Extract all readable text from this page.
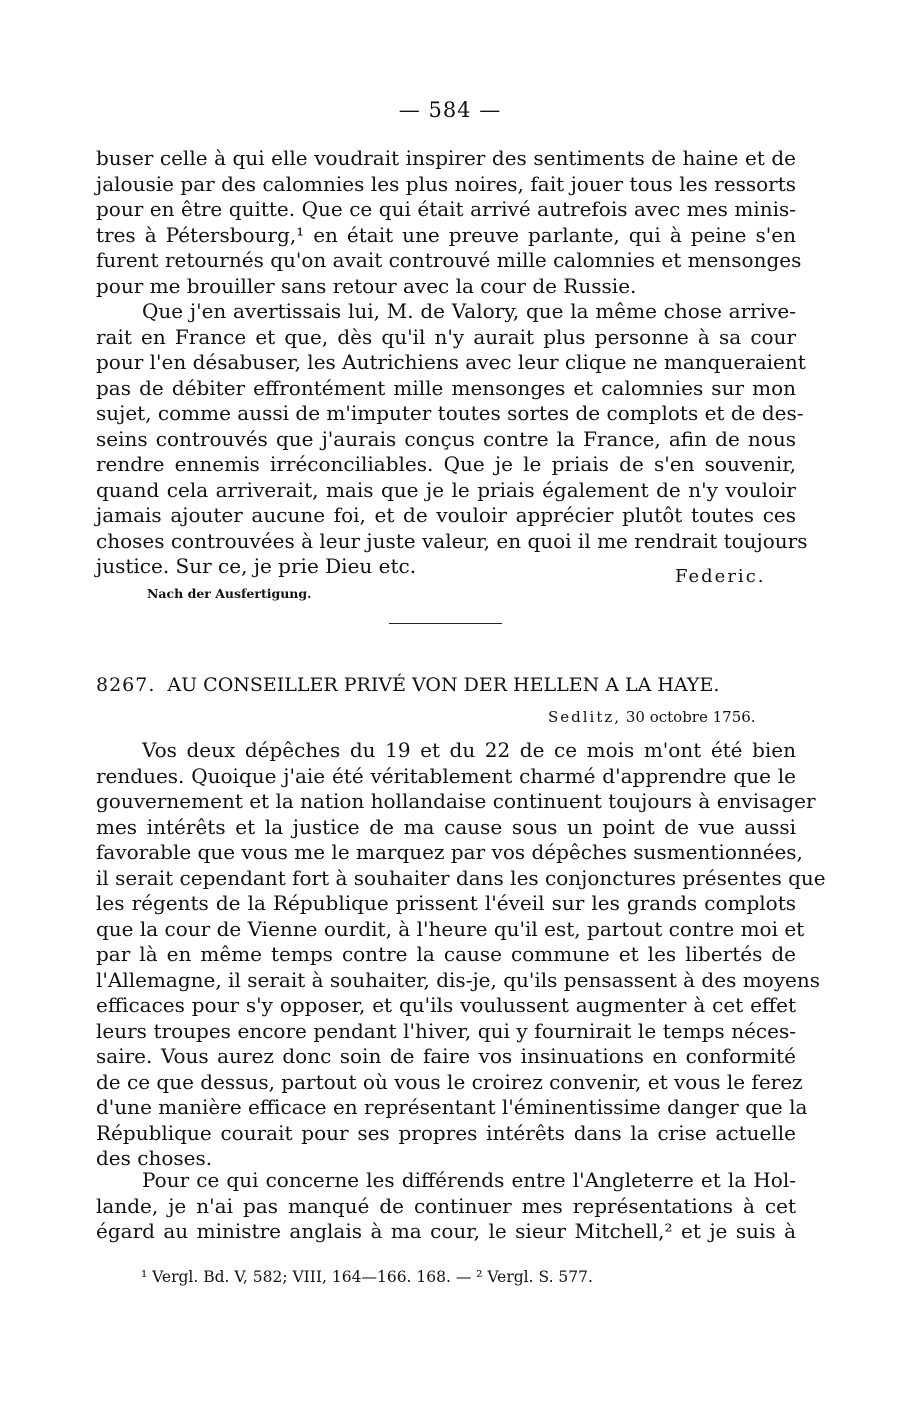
— 584 —
buser celle à qui elle voudrait inspirer des sentiments de haine et de
jalousie par des calomnies les plus noires, fait jouer tous les ressorts
pour en être quitte. Que ce qui était arrivé autrefois avec mes minis-
tres à Pétersbourg,¹ en était une preuve parlante, qui à peine s'en
furent retournés qu'on avait controuvé mille calomnies et mensonges
pour me brouiller sans retour avec la cour de Russie.
Que j'en avertissais lui, M. de Valory, que la même chose arrive-
rait en France et que, dès qu'il n'y aurait plus personne à sa cour
pour l'en désabuser, les Autrichiens avec leur clique ne manqueraient
pas de débiter effrontément mille mensonges et calomnies sur mon
sujet, comme aussi de m'imputer toutes sortes de complots et de des-
seins controuvés que j'aurais conçus contre la France, afin de nous
rendre ennemis irréconciliables. Que je le priais de s'en souvenir,
quand cela arriverait, mais que je le priais également de n'y vouloir
jamais ajouter aucune foi, et de vouloir apprécier plutôt toutes ces
choses controuvées à leur juste valeur, en quoi il me rendrait toujours
justice. Sur ce, je prie Dieu etc.	Federic.
Nach der Ausfertigung.
8267. AU CONSEILLER PRIVÉ VON DER HELLEN A LA HAYE.
Sedlitz, 30 octobre 1756.
Vos deux dépêches du 19 et du 22 de ce mois m'ont été bien
rendues. Quoique j'aie été véritablement charmé d'apprendre que le
gouvernement et la nation hollandaise continuent toujours à envisager
mes intérêts et la justice de ma cause sous un point de vue aussi
favorable que vous me le marquez par vos dépêches susmentionnées,
il serait cependant fort à souhaiter dans les conjonctures présentes que
les régents de la République prissent l'éveil sur les grands complots
que la cour de Vienne ourdit, à l'heure qu'il est, partout contre moi et
par là en même temps contre la cause commune et les libertés de
l'Allemagne, il serait à souhaiter, dis-je, qu'ils pensassent à des moyens
efficaces pour s'y opposer, et qu'ils voulussent augmenter à cet effet
leurs troupes encore pendant l'hiver, qui y fournirait le temps néces-
saire. Vous aurez donc soin de faire vos insinuations en conformité
de ce que dessus, partout où vous le croirez convenir, et vous le ferez
d'une manière efficace en représentant l'éminentissime danger que la
République courait pour ses propres intérêts dans la crise actuelle
des choses.
Pour ce qui concerne les différends entre l'Angleterre et la Hol-
lande, je n'ai pas manqué de continuer mes représentations à cet
égard au ministre anglais à ma cour, le sieur Mitchell,² et je suis à
¹ Vergl. Bd. V, 582; VIII, 164—166. 168. — ² Vergl. S. 577.
